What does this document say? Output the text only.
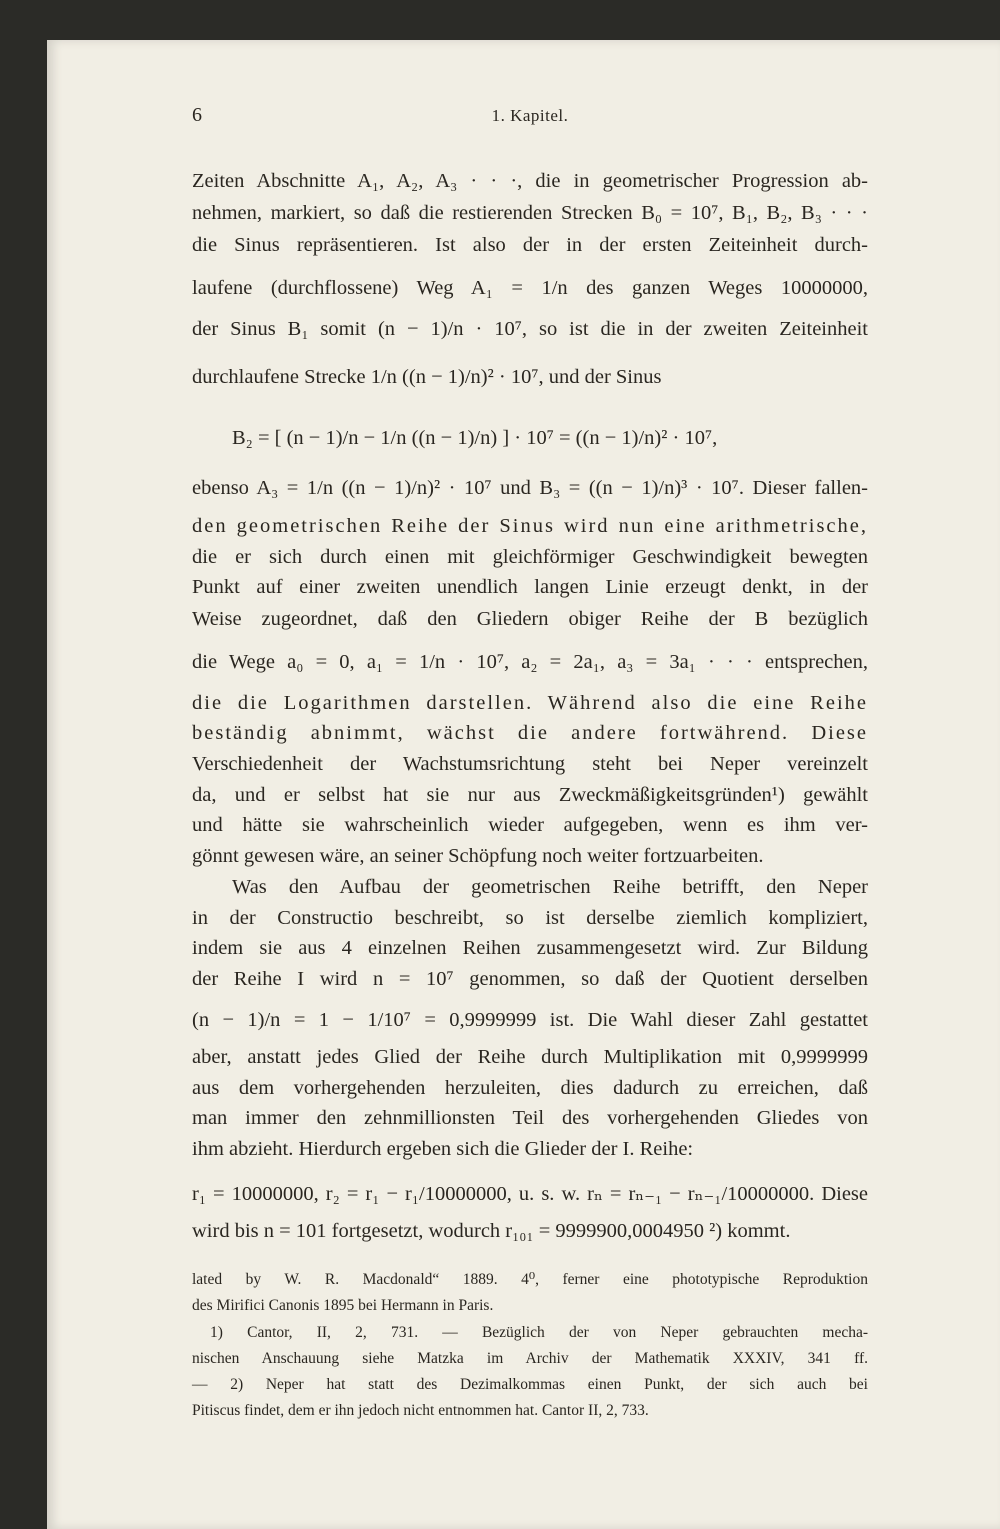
6	1. Kapitel.
Zeiten Abschnitte A₁, A₂, A₃ · · ·, die in geometrischer Progression ab-
nehmen, markiert, so daß die restierenden Strecken B₀ = 10⁷, B₁, B₂, B₃ · · ·
die Sinus repräsentieren. Ist also der in der ersten Zeiteinheit durch-
laufene (durchflossene) Weg A₁ = 1/n des ganzen Weges 10000000,
der Sinus B₁ somit (n − 1)/n · 10⁷, so ist die in der zweiten Zeiteinheit
durchlaufene Strecke 1/n ((n − 1)/n)² · 10⁷, und der Sinus
B₂ = [ (n − 1)/n − 1/n ((n − 1)/n) ] · 10⁷ = ((n − 1)/n)² · 10⁷,
ebenso A₃ = 1/n ((n − 1)/n)² · 10⁷ und B₃ = ((n − 1)/n)³ · 10⁷. Dieser fallen-
den geometrischen Reihe der Sinus wird nun eine arithmetrische,
die er sich durch einen mit gleichförmiger Geschwindigkeit bewegten
Punkt auf einer zweiten unendlich langen Linie erzeugt denkt, in der
Weise zugeordnet, daß den Gliedern obiger Reihe der B bezüglich
die Wege a₀ = 0, a₁ = 1/n · 10⁷, a₂ = 2a₁, a₃ = 3a₁ · · · entsprechen,
die die Logarithmen darstellen. Während also die eine Reihe
beständig abnimmt, wächst die andere fortwährend. Diese
Verschiedenheit der Wachstumsrichtung steht bei Neper vereinzelt
da, und er selbst hat sie nur aus Zweckmäßigkeitsgründen¹) gewählt
und hätte sie wahrscheinlich wieder aufgegeben, wenn es ihm ver-
gönnt gewesen wäre, an seiner Schöpfung noch weiter fortzuarbeiten.
Was den Aufbau der geometrischen Reihe betrifft, den Neper
in der Constructio beschreibt, so ist derselbe ziemlich kompliziert,
indem sie aus 4 einzelnen Reihen zusammengesetzt wird. Zur Bildung
der Reihe I wird n = 10⁷ genommen, so daß der Quotient derselben
(n − 1)/n = 1 − 1/10⁷ = 0,9999999 ist. Die Wahl dieser Zahl gestattet
aber, anstatt jedes Glied der Reihe durch Multiplikation mit 0,9999999
aus dem vorhergehenden herzuleiten, dies dadurch zu erreichen, daß
man immer den zehnmillionsten Teil des vorhergehenden Gliedes von
ihm abzieht. Hierdurch ergeben sich die Glieder der I. Reihe:
r₁ = 10000000, r₂ = r₁ − r₁/10000000, u. s. w. rₙ = rₙ₋₁ − rₙ₋₁/10000000. Diese
wird bis n = 101 fortgesetzt, wodurch r₁₀₁ = 9999900,0004950 ²) kommt.
lated by W. R. Macdonald“ 1889. 4⁰, ferner eine phototypische Reproduktion
des Mirifici Canonis 1895 bei Hermann in Paris.
1) Cantor, II, 2, 731. — Bezüglich der von Neper gebrauchten mecha-
nischen Anschauung siehe Matzka im Archiv der Mathematik XXXIV, 341 ff.
— 2) Neper hat statt des Dezimalkommas einen Punkt, der sich auch bei
Pitiscus findet, dem er ihn jedoch nicht entnommen hat. Cantor II, 2, 733.
